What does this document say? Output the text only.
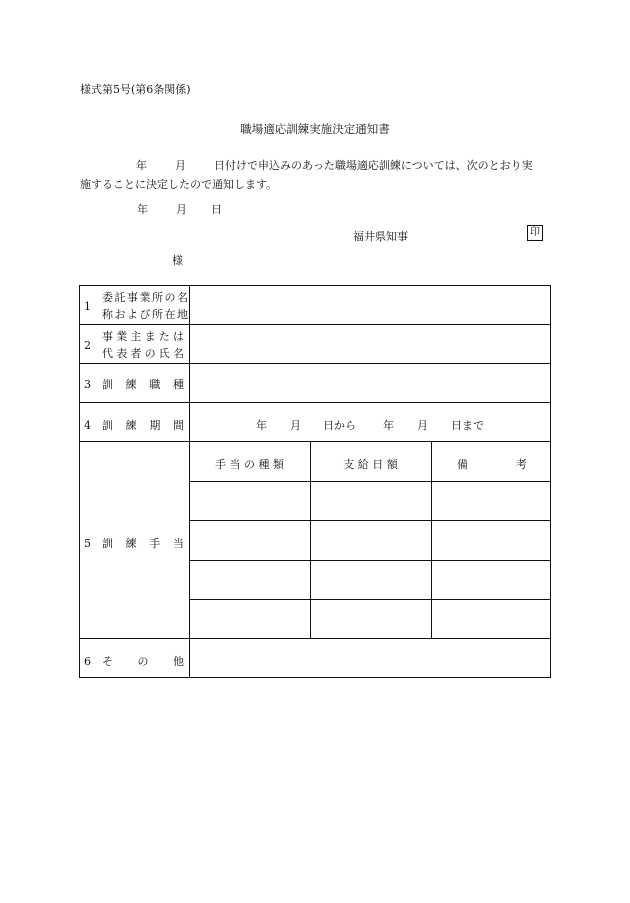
様式第5号(第6条関係)
職場適応訓練実施決定通知書
年	月	日付けで申込みのあった職場適応訓練については、次のとおり実
施することに決定したので通知します。
年	月 日
福井県知事	印
様
1委託事業所の名
称および所在地
2事業主または
代表者の氏名
3 訓 練 職 種
4 訓 練 期 間	年 月 日から 年 月 日まで
5 訓 練 手 当
手 当 の 種 類	支 給 日 額	備	考
6 そ の 他
